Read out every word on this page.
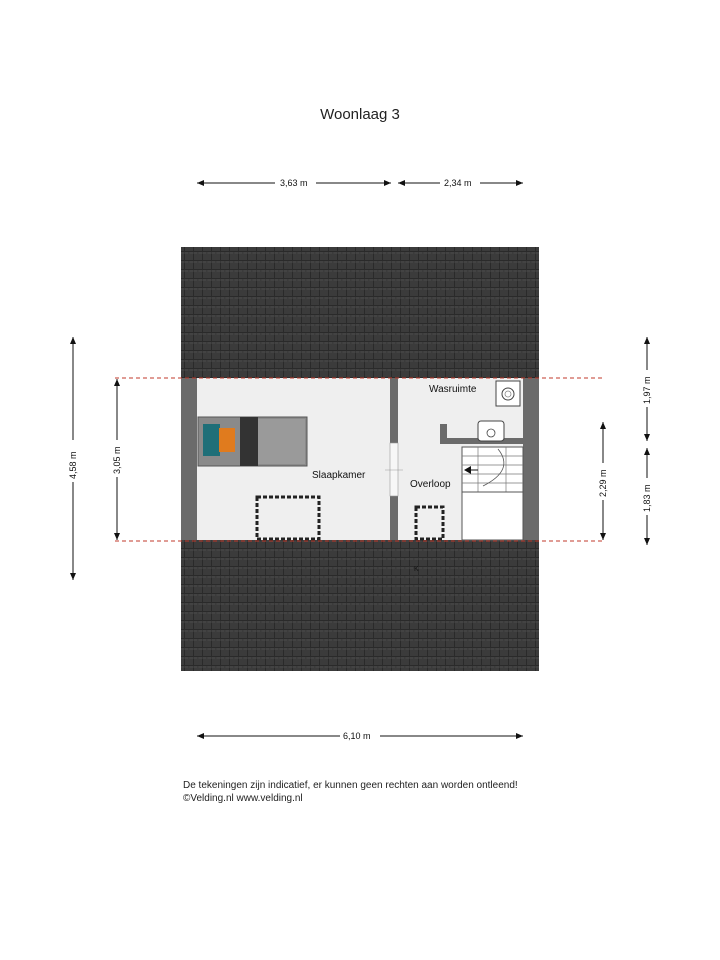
Woonlaag 3
Slaapkamer
Wasruimte
Overloop
K
3,63 m	2,34 m
6,10 m
4,58 m	3,05 m
2,29 m
1,97 m
1,83 m
De tekeningen zijn indicatief, er kunnen geen rechten aan worden ontleend!
©Velding.nl www.velding.nl
